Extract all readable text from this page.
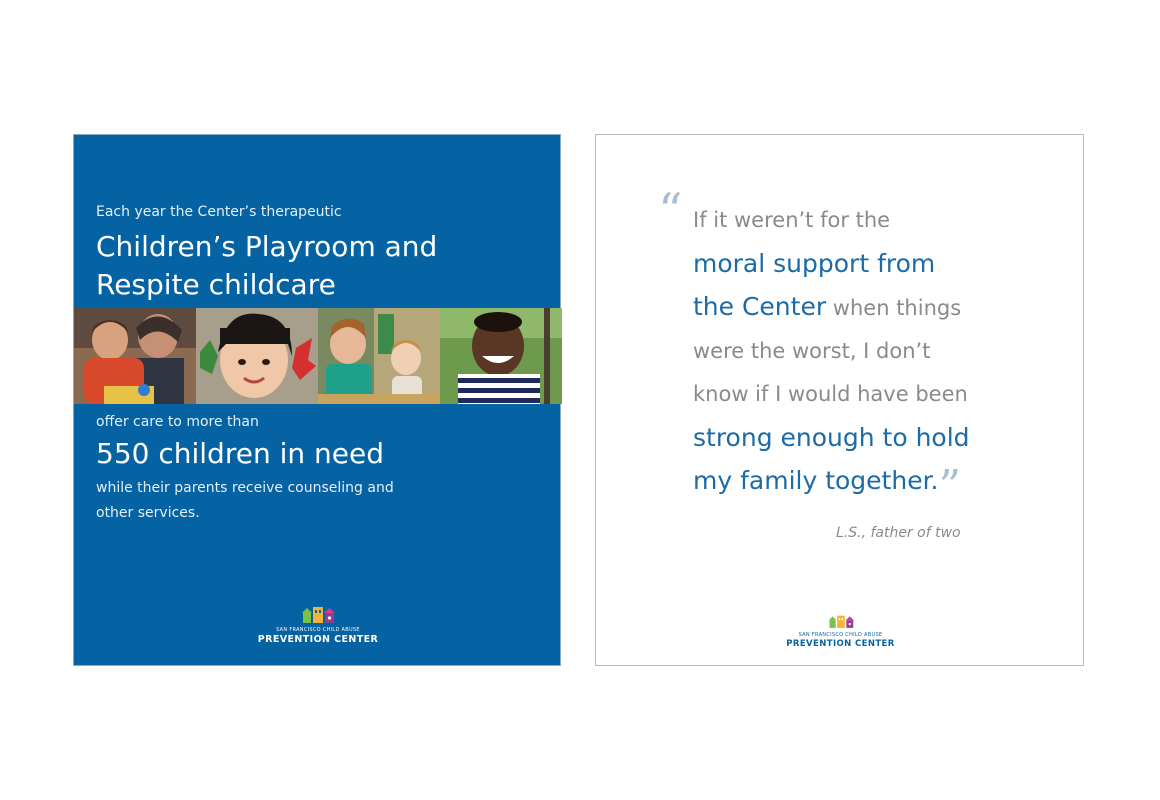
Each year the Center’s therapeutic
Children’s Playroom and
Respite childcare
offer care to more than
550 children in need
while their parents receive counseling and
other services.
SAN FRANCISCO CHILD ABUSE
PREVENTION CENTER
“ If it weren’t for the
moral support from
the Center when things
were the worst, I don’t
know if I would have been
strong enough to hold
my family together.”
L.S., father of two
SAN FRANCISCO CHILD ABUSE
PREVENTION CENTER
